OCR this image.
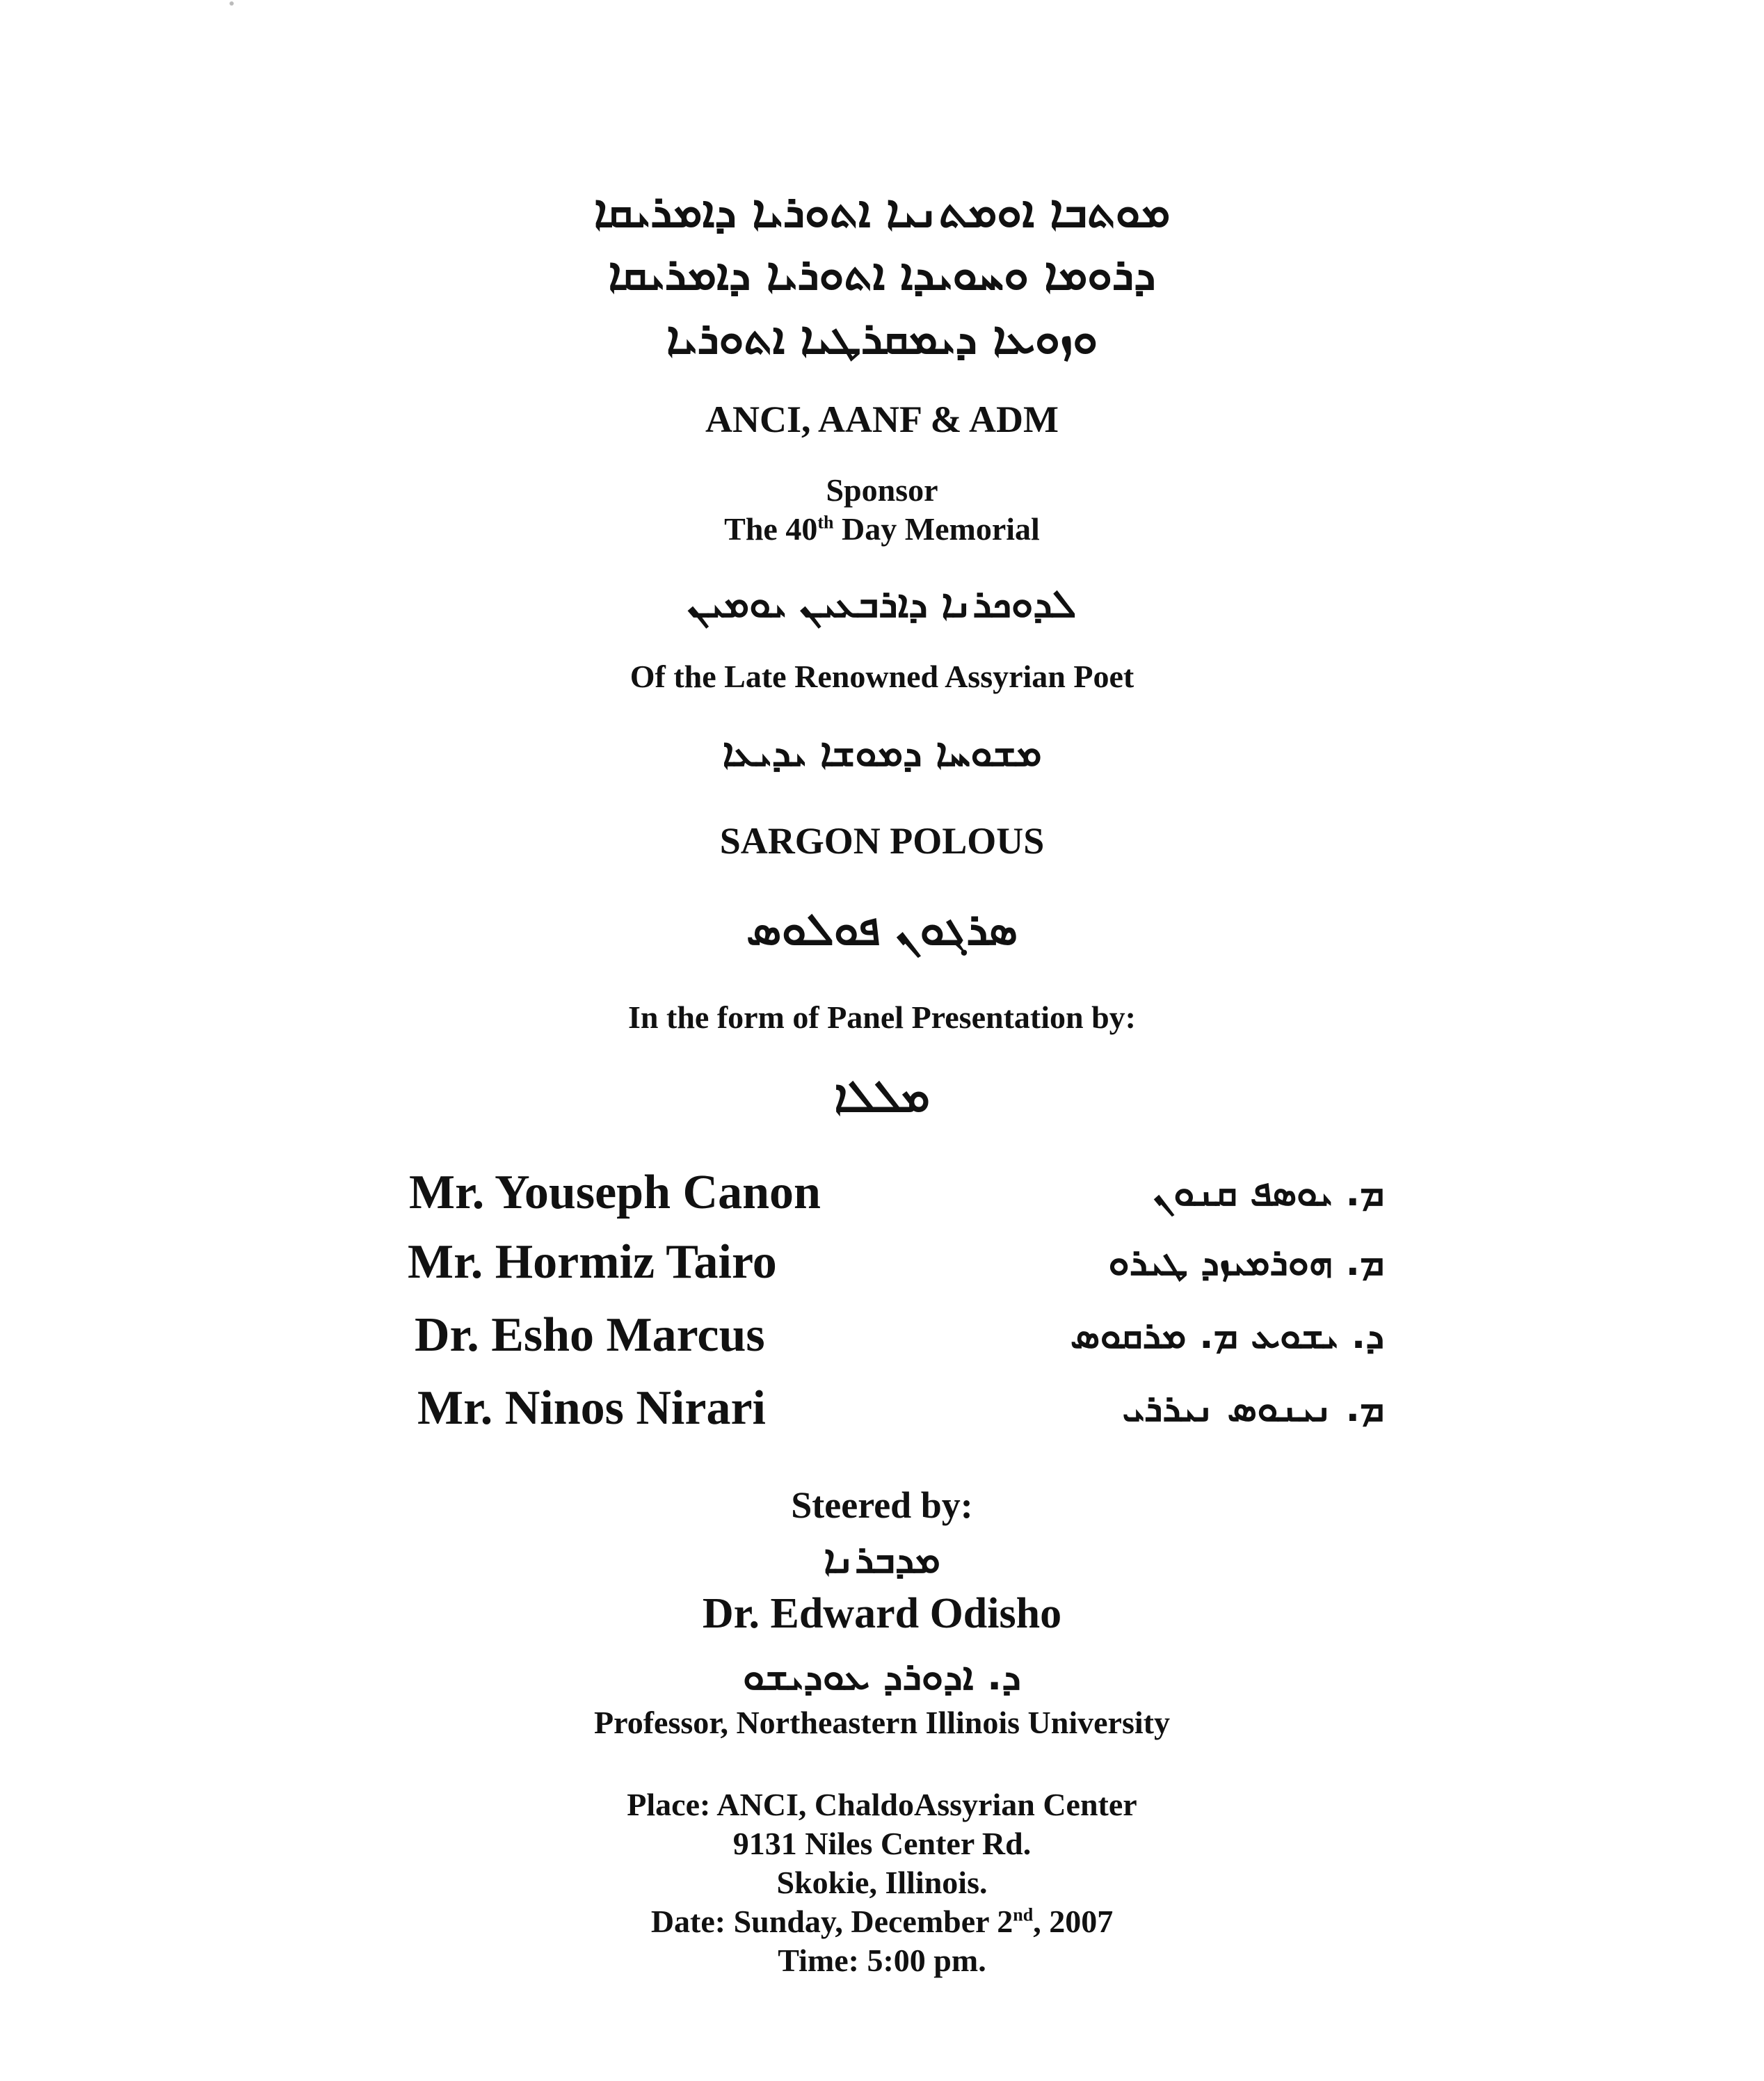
ܡܘܬܒܐ ܐܘܡܬܢܝܐ ܐܬܘܪܝܐ ܕܐܡܪܝܩܐ
ܕܪܘܡܐ ܘܚܘܝܕܐ ܐܬܘܪܝܐ ܕܐܡܪܝܩܐ
ܘܙܘܥܐ ܕܝܡܩܪܛܝܐ ܐܬܘܪܝܐ
ANCI, AANF & ADM
Sponsor
The 40th Day Memorial
ܠܕܘܟܪܢܐ ܕܐܪܒܥܝܢ ܝܘܡܝܢ
Of the Late Renowned Assyrian Poet
ܡܫܘܚܐ ܕܡܘܫܐ ܝܕܝܥܐ
SARGON POLOUS
ܣܪܓܘܢ ܦܘܠܘܣ
In the form of Panel Presentation by:
ܡܠܠܐ
Mr. Youseph Canon	ܡ. ܝܘܣܦ ܩܢܘܢ
Mr. Hormiz Tairo	ܡ. ܗܘܪܡܝܙܕ ܛܝܪܘ
Dr. Esho Marcus	ܕ. ܝܫܘܥ ܡ. ܡܪܩܘܣ
Mr. Ninos Nirari	ܡ. ܢܝܢܘܣ ܢܝܪܪܝ
Steered by:
ܡܕܒܪܢܐ
Dr. Edward Odisho
ܕ. ܐܕܘܪܕ ܥܘܕܝܫܘ
Professor, Northeastern Illinois University
Place: ANCI, ChaldoAssyrian Center
9131 Niles Center Rd.
Skokie, Illinois.
Date: Sunday, December 2nd, 2007
Time: 5:00 pm.
